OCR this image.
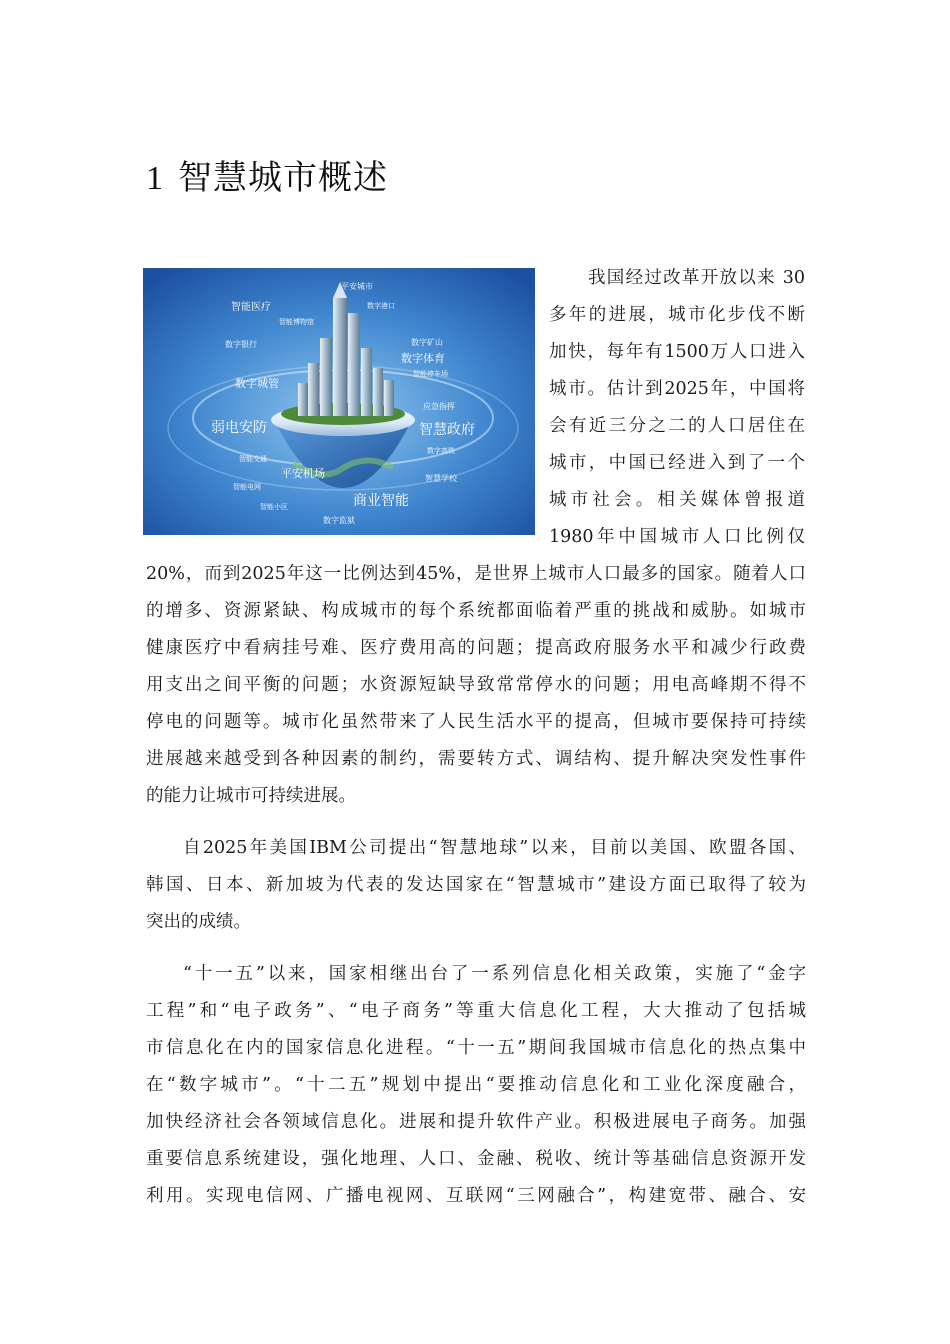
1 智慧城市概述
平安城市
数字港口
智能医疗
智能博物馆
数字银行	数字矿山
数字体育
智能停车场
数字城管
应急指挥
弱电安防	智慧政府
智能交通
数字高铁
平安机场	智慧学校
智能电网
商业智能
智能小区
数字监狱
我国经过改革开放以来 30
多年的进展，城市化步伐不断
加快，每年有1500万人口进入
城市。估计到2025年，中国将
会有近三分之二的人口居住在
城市，中国已经进入到了一个
城市社会。相关媒体曾报道
1980年中国城市人口比例仅
20%，而到2025年这一比例达到45%，是世界上城市人口最多的国家。随着人口
的增多、资源紧缺、构成城市的每个系统都面临着严重的挑战和威胁。如城市
健康医疗中看病挂号难、医疗费用高的问题；提高政府服务水平和减少行政费
用支出之间平衡的问题；水资源短缺导致常常停水的问题；用电高峰期不得不
停电的问题等。城市化虽然带来了人民生活水平的提高，但城市要保持可持续
进展越来越受到各种因素的制约，需要转方式、调结构、提升解决突发性事件
的能力让城市可持续进展。
自2025年美国IBM公司提出“智慧地球”以来，目前以美国、欧盟各国、
韩国、日本、新加坡为代表的发达国家在“智慧城市”建设方面已取得了较为
突出的成绩。
“十一五”以来，国家相继出台了一系列信息化相关政策，实施了“金字
工程”和“电子政务”、“电子商务”等重大信息化工程，大大推动了包括城
市信息化在内的国家信息化进程。“十一五”期间我国城市信息化的热点集中
在“数字城市”。“十二五”规划中提出“要推动信息化和工业化深度融合，
加快经济社会各领域信息化。进展和提升软件产业。积极进展电子商务。加强
重要信息系统建设，强化地理、人口、金融、税收、统计等基础信息资源开发
利用。实现电信网、广播电视网、互联网“三网融合”，构建宽带、融合、安
